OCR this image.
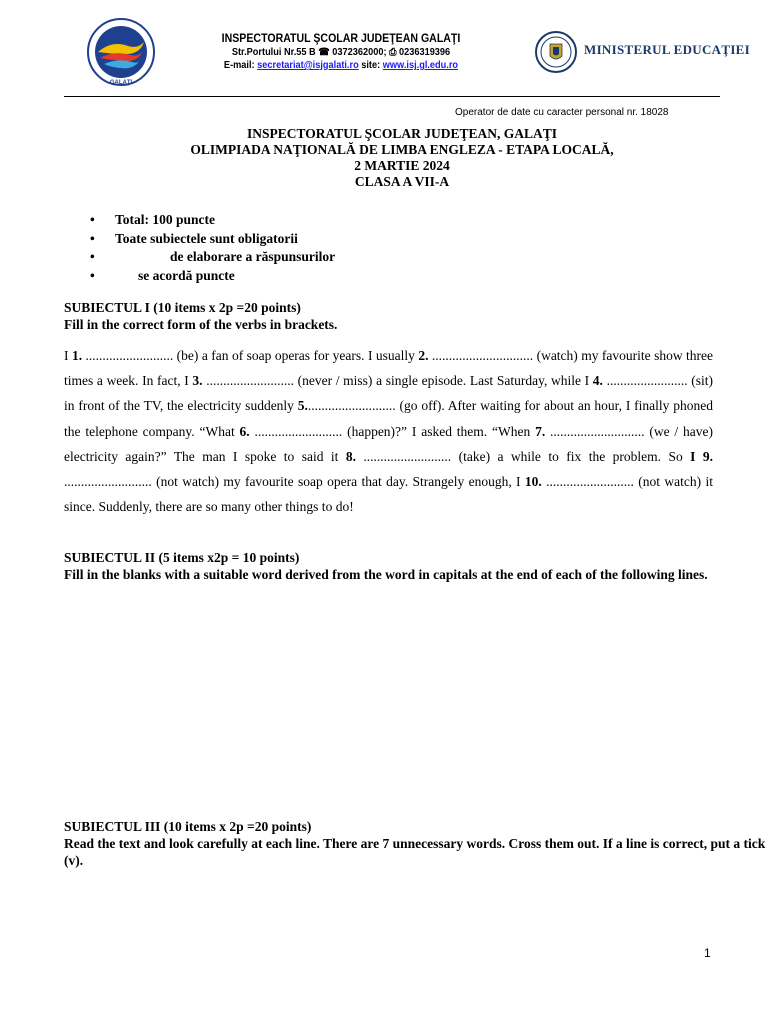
GALAŢI
INSPECTORATUL ŞCOLAR JUDEŢEAN GALAŢI
Str.Portului Nr.55 B ☎ 0372362000; ⎙ 0236319396
E-mail: secretariat@isjgalati.ro site: www.isj.gl.edu.ro
MINISTERUL EDUCAŢIEI
Operator de date cu caracter personal nr. 18028
INSPECTORATUL ŞCOLAR JUDEŢEAN, GALAŢI
OLIMPIADA NAŢIONALĂ DE LIMBA ENGLEZA - ETAPA LOCALĂ,
2 MARTIE 2024
CLASA A VII-A
• Total: 100 puncte
• Toate subiectele sunt obligatorii
•	de elaborare a răspunsurilor
•	se acordă puncte
SUBIECTUL I (10 items x 2p =20 points)
Fill in the correct form of the verbs in brackets.
I 1. .......................... (be) a fan of soap operas for years. I usually 2. .............................. (watch) my favourite show three times a week. In fact, I 3. .......................... (never / miss) a single episode. Last Saturday, while I 4. ........................ (sit) in front of the TV, the electricity suddenly 5........................... (go off). After waiting for about an hour, I finally phoned the telephone company. “What 6. .......................... (happen)?” I asked them. “When 7. ............................ (we / have) electricity again?” The man I spoke to said it 8. .......................... (take) a while to fix the problem. So I 9. .......................... (not watch) my favourite soap opera that day. Strangely enough, I 10. .......................... (not watch) it since. Suddenly, there are so many other things to do!
SUBIECTUL II (5 items x2p = 10 points)
Fill in the blanks with a suitable word derived from the word in capitals at the end of each of the following lines.
SUBIECTUL III (10 items x 2p =20 points)
Read the text and look carefully at each line. There are 7 unnecessary words. Cross them out. If a line is correct, put a tick (v).
1
